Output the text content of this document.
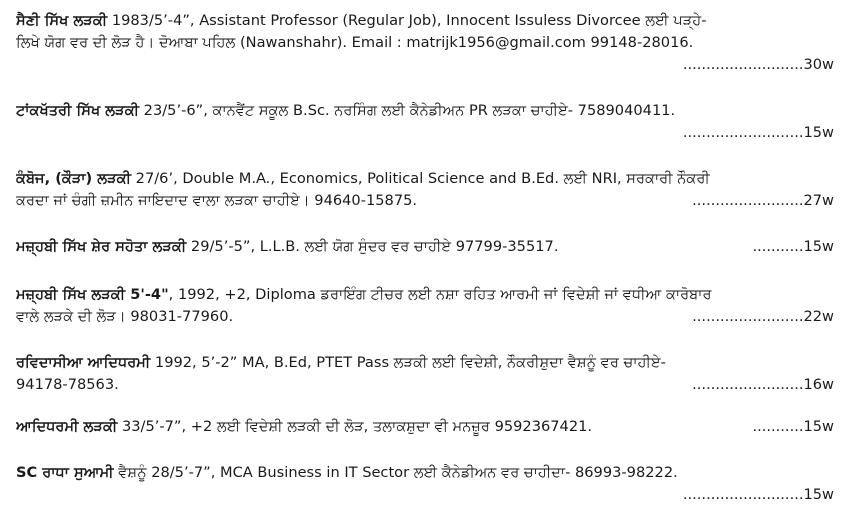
ਸੈਣੀ ਸਿੱਖ ਲੜਕੀ 1983/5’-4”, Assistant Professor (Regular Job), Innocent Issuless Divorcee ਲਈ ਪੜ੍ਹੇ-
ਲਿਖੇ ਯੋਗ ਵਰ ਦੀ ਲੋੜ ਹੈ। ਦੋਆਬਾ ਪਹਿਲ (Nawanshahr). Email : matrijk1956@gmail.com 99148-28016.
..........................30w
ਟਾਂਕਖੱਤਰੀ ਸਿੱਖ ਲੜਕੀ 23/5’-6”, ਕਾਨਵੈਂਟ ਸਕੂਲ B.Sc. ਨਰਸਿੰਗ ਲਈ ਕੈਨੇਡੀਅਨ PR ਲੜਕਾ ਚਾਹੀਏ- 7589040411.
..........................15w
ਕੰਬੋਜ, (ਕੌੜਾ) ਲੜਕੀ 27/6’, Double M.A., Economics, Political Science and B.Ed. ਲਈ NRI, ਸਰਕਾਰੀ ਨੌਕਰੀ
........................27w
ਕਰਦਾ ਜਾਂ ਚੰਗੀ ਜ਼ਮੀਨ ਜਾਇਦਾਦ ਵਾਲਾ ਲੜਕਾ ਚਾਹੀਏ। 94640-15875.
...........15w
ਮਜ਼੍ਹਬੀ ਸਿੱਖ ਸ਼ੇਰ ਸਹੋਤਾ ਲੜਕੀ 29/5’-5”, L.L.B. ਲਈ ਯੋਗ ਸੁੰਦਰ ਵਰ ਚਾਹੀਏ 97799-35517.
ਮਜ਼੍ਹਬੀ ਸਿੱਖ ਲੜਕੀ 5'-4", 1992, +2, Diploma ਡਰਾਇੰਗ ਟੀਚਰ ਲਈ ਨਸ਼ਾ ਰਹਿਤ ਆਰਮੀ ਜਾਂ ਵਿਦੇਸ਼ੀ ਜਾਂ ਵਧੀਆ ਕਾਰੋਬਾਰ
........................22w
ਵਾਲੇ ਲੜਕੇ ਦੀ ਲੋੜ। 98031-77960.
ਰਵਿਦਾਸੀਆ ਆਦਿਧਰਮੀ 1992, 5’-2” MA, B.Ed, PTET Pass ਲੜਕੀ ਲਈ ਵਿਦੇਸ਼ੀ, ਨੌਕਰੀਸ਼ੁਦਾ ਵੈਸ਼ਨੂੰ ਵਰ ਚਾਹੀਏ-
........................16w
94178-78563.
...........15w
ਆਦਿਧਰਮੀ ਲੜਕੀ 33/5’-7”, +2 ਲਈ ਵਿਦੇਸ਼ੀ ਲੜਕੀ ਦੀ ਲੋੜ, ਤਲਾਕਸ਼ੁਦਾ ਵੀ ਮਨਜ਼ੂਰ 9592367421.
SC ਰਾਧਾ ਸੁਆਮੀ ਵੈਸ਼ਨੂੰ 28/5’-7”, MCA Business in IT Sector ਲਈ ਕੈਨੇਡੀਅਨ ਵਰ ਚਾਹੀਦਾ- 86993-98222.
..........................15w
